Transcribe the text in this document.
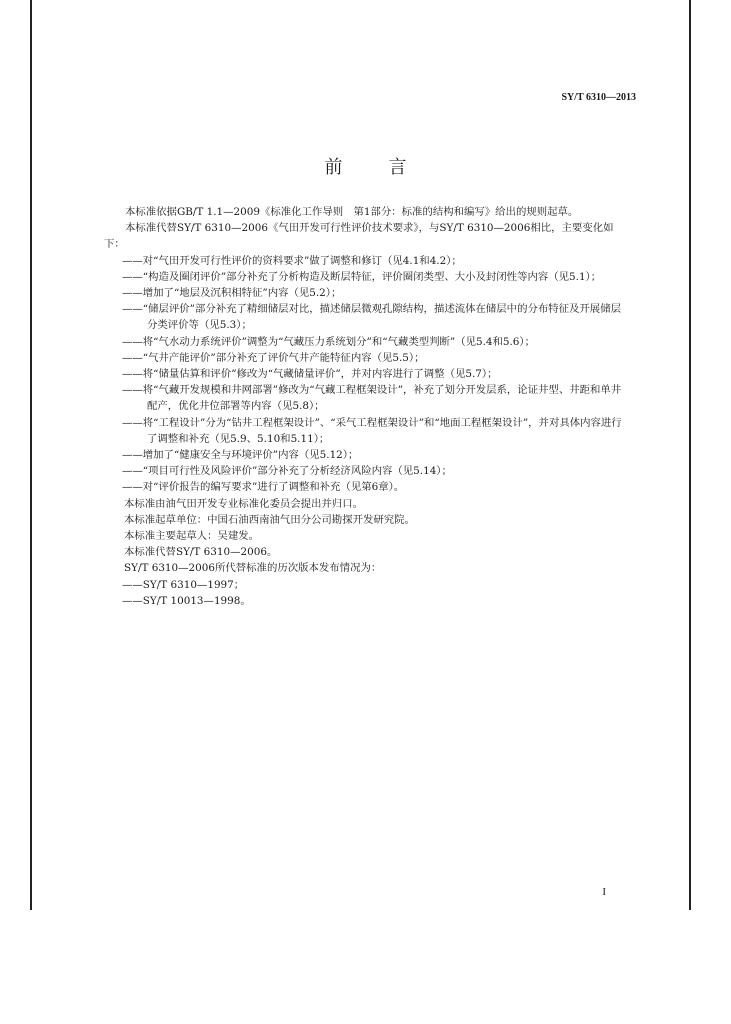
SY/T 6310—2013
前言

本标准依据GB/T 1.1—2009《标准化工作导则　第1部分：标准的结构和编写》给出的规则起草。

本标准代替SY/T 6310—2006《气田开发可行性评价技术要求》，与SY/T 6310—2006相比，主要变化如下：

——对“气田开发可行性评价的资料要求”做了调整和修订（见4.1和4.2）；

——“构造及圈闭评价”部分补充了分析构造及断层特征，评价圈闭类型、大小及封闭性等内容（见5.1）；

——增加了“地层及沉积相特征”内容（见5.2）；

——“储层评价”部分补充了精细储层对比，描述储层微观孔隙结构，描述流体在储层中的分布特征及开展储层分类评价等（见5.3）；

——将“气水动力系统评价”调整为“气藏压力系统划分”和“气藏类型判断”（见5.4和5.6）；

——“气井产能评价”部分补充了评价气井产能特征内容（见5.5）；

——将“储量估算和评价”修改为“气藏储量评价”，并对内容进行了调整（见5.7）；

——将“气藏开发规模和井网部署”修改为“气藏工程框架设计”，补充了划分开发层系，论证井型、井距和单井配产，优化井位部署等内容（见5.8）；

——将“工程设计”分为“钻井工程框架设计”、“采气工程框架设计”和“地面工程框架设计”，并对具体内容进行了调整和补充（见5.9、5.10和5.11）；

——增加了“健康安全与环境评价”内容（见5.12）；

——“项目可行性及风险评价”部分补充了分析经济风险内容（见5.14）；

——对“评价报告的编写要求”进行了调整和补充（见第6章）。

本标准由油气田开发专业标准化委员会提出并归口。

本标准起草单位：中国石油西南油气田分公司勘探开发研究院。

本标准主要起草人：吴建发。

本标准代替SY/T 6310—2006。

SY/T 6310—2006所代替标准的历次版本发布情况为：

——SY/T 6310—1997；

——SY/T 10013—1998。

I
